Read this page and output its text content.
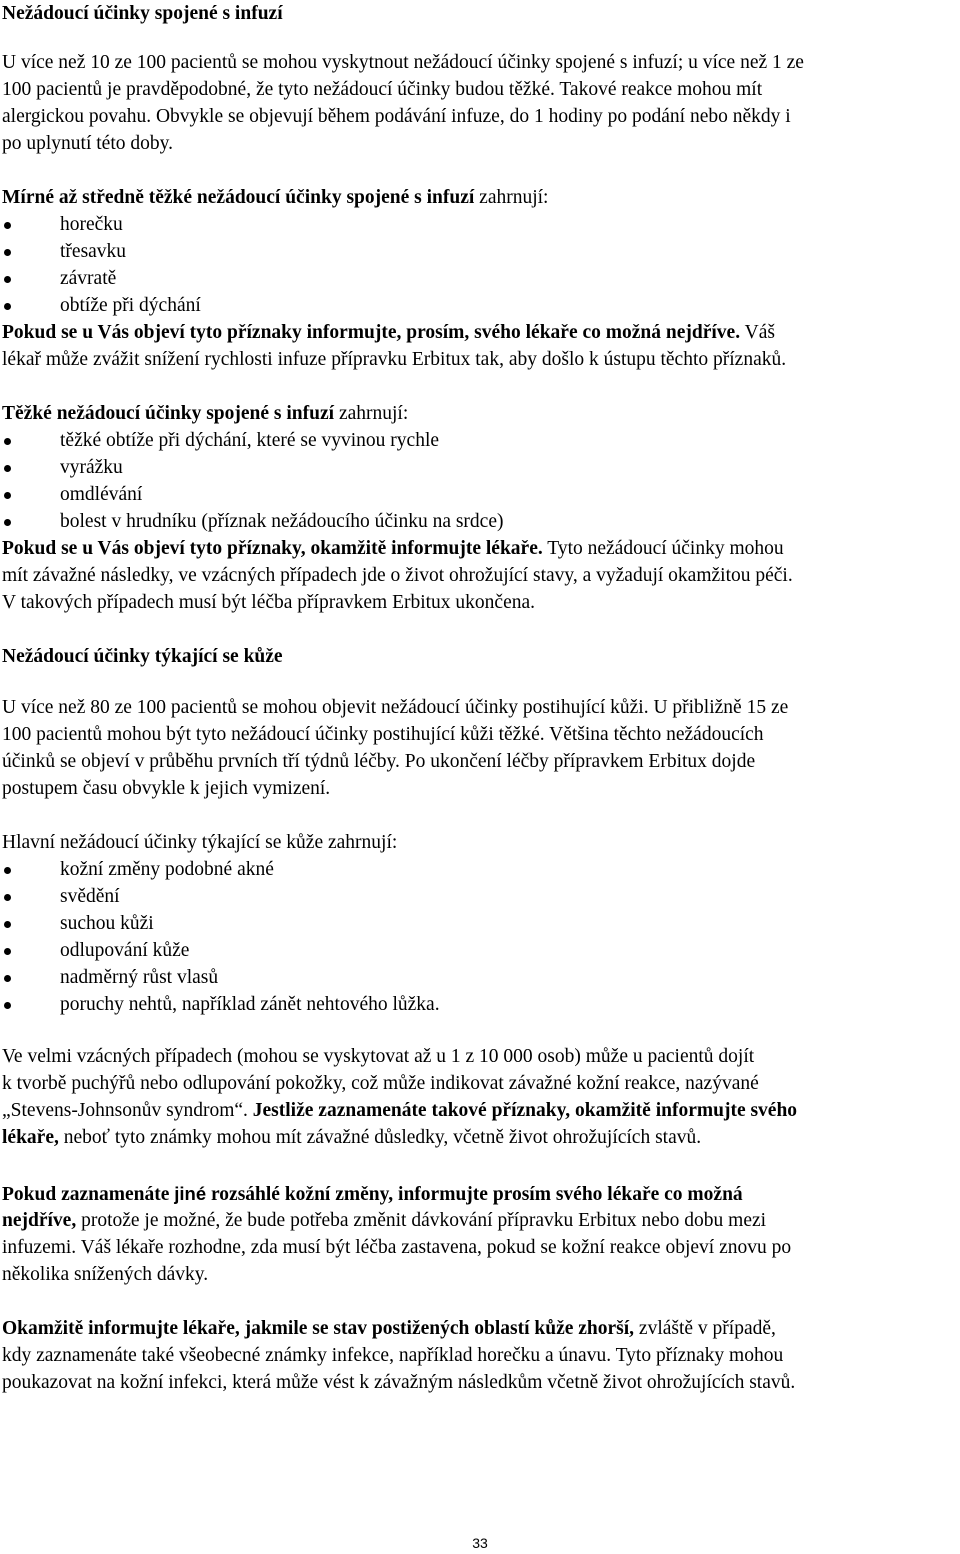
Nežádoucí účinky spojené s infuzí

U více než 10 ze 100 pacientů se mohou vyskytnout nežádoucí účinky spojené s infuzí; u více než 1 ze

100 pacientů je pravděpodobné, že tyto nežádoucí účinky budou těžké. Takové reakce mohou mít

alergickou povahu. Obvykle se objevují během podávání infuze, do 1 hodiny po podání nebo někdy i

po uplynutí této doby.

Mírné až středně těžké nežádoucí účinky spojené s infuzí zahrnují:

horečku
třesavku
závratě
obtíže při dýchání

Pokud se u Vás objeví tyto příznaky informujte, prosím, svého lékaře co možná nejdříve. Váš

lékař může zvážit snížení rychlosti infuze přípravku Erbitux tak, aby došlo k ústupu těchto příznaků.

Těžké nežádoucí účinky spojené s infuzí zahrnují:

těžké obtíže při dýchání, které se vyvinou rychle
vyrážku
omdlévání
bolest v hrudníku (příznak nežádoucího účinku na srdce)

Pokud se u Vás objeví tyto příznaky, okamžitě informujte lékaře. Tyto nežádoucí účinky mohou

mít závažné následky, ve vzácných případech jde o život ohrožující stavy, a vyžadují okamžitou péči.

V takových případech musí být léčba přípravkem Erbitux ukončena.

Nežádoucí účinky týkající se kůže

U více než 80 ze 100 pacientů se mohou objevit nežádoucí účinky postihující kůži. U přibližně 15 ze

100 pacientů mohou být tyto nežádoucí účinky postihující kůži těžké. Většina těchto nežádoucích

účinků se objeví v průběhu prvních tří týdnů léčby. Po ukončení léčby přípravkem Erbitux dojde

postupem času obvykle k jejich vymizení.

Hlavní nežádoucí účinky týkající se kůže zahrnují:

kožní změny podobné akné
svědění
suchou kůži
odlupování kůže
nadměrný růst vlasů
poruchy nehtů, například zánět nehtového lůžka.

Ve velmi vzácných případech (mohou se vyskytovat až u 1 z 10 000 osob) může u pacientů dojít

k tvorbě puchýřů nebo odlupování pokožky, což může indikovat závažné kožní reakce, nazývané

„Stevens-Johnsonův syndrom“. Jestliže zaznamenáte takové příznaky, okamžitě informujte svého

lékaře, neboť tyto známky mohou mít závažné důsledky, včetně život ohrožujících stavů.

Pokud zaznamenáte jiné rozsáhlé kožní změny, informujte prosím svého lékaře co možná

nejdříve, protože je možné, že bude potřeba změnit dávkování přípravku Erbitux nebo dobu mezi

infuzemi. Váš lékaře rozhodne, zda musí být léčba zastavena, pokud se kožní reakce objeví znovu po

několika snížených dávky.

Okamžitě informujte lékaře, jakmile se stav postižených oblastí kůže zhorší, zvláště v případě,

kdy zaznamenáte také všeobecné známky infekce, například horečku a únavu. Tyto příznaky mohou

poukazovat na kožní infekci, která může vést k závažným následkům včetně život ohrožujících stavů.

33
